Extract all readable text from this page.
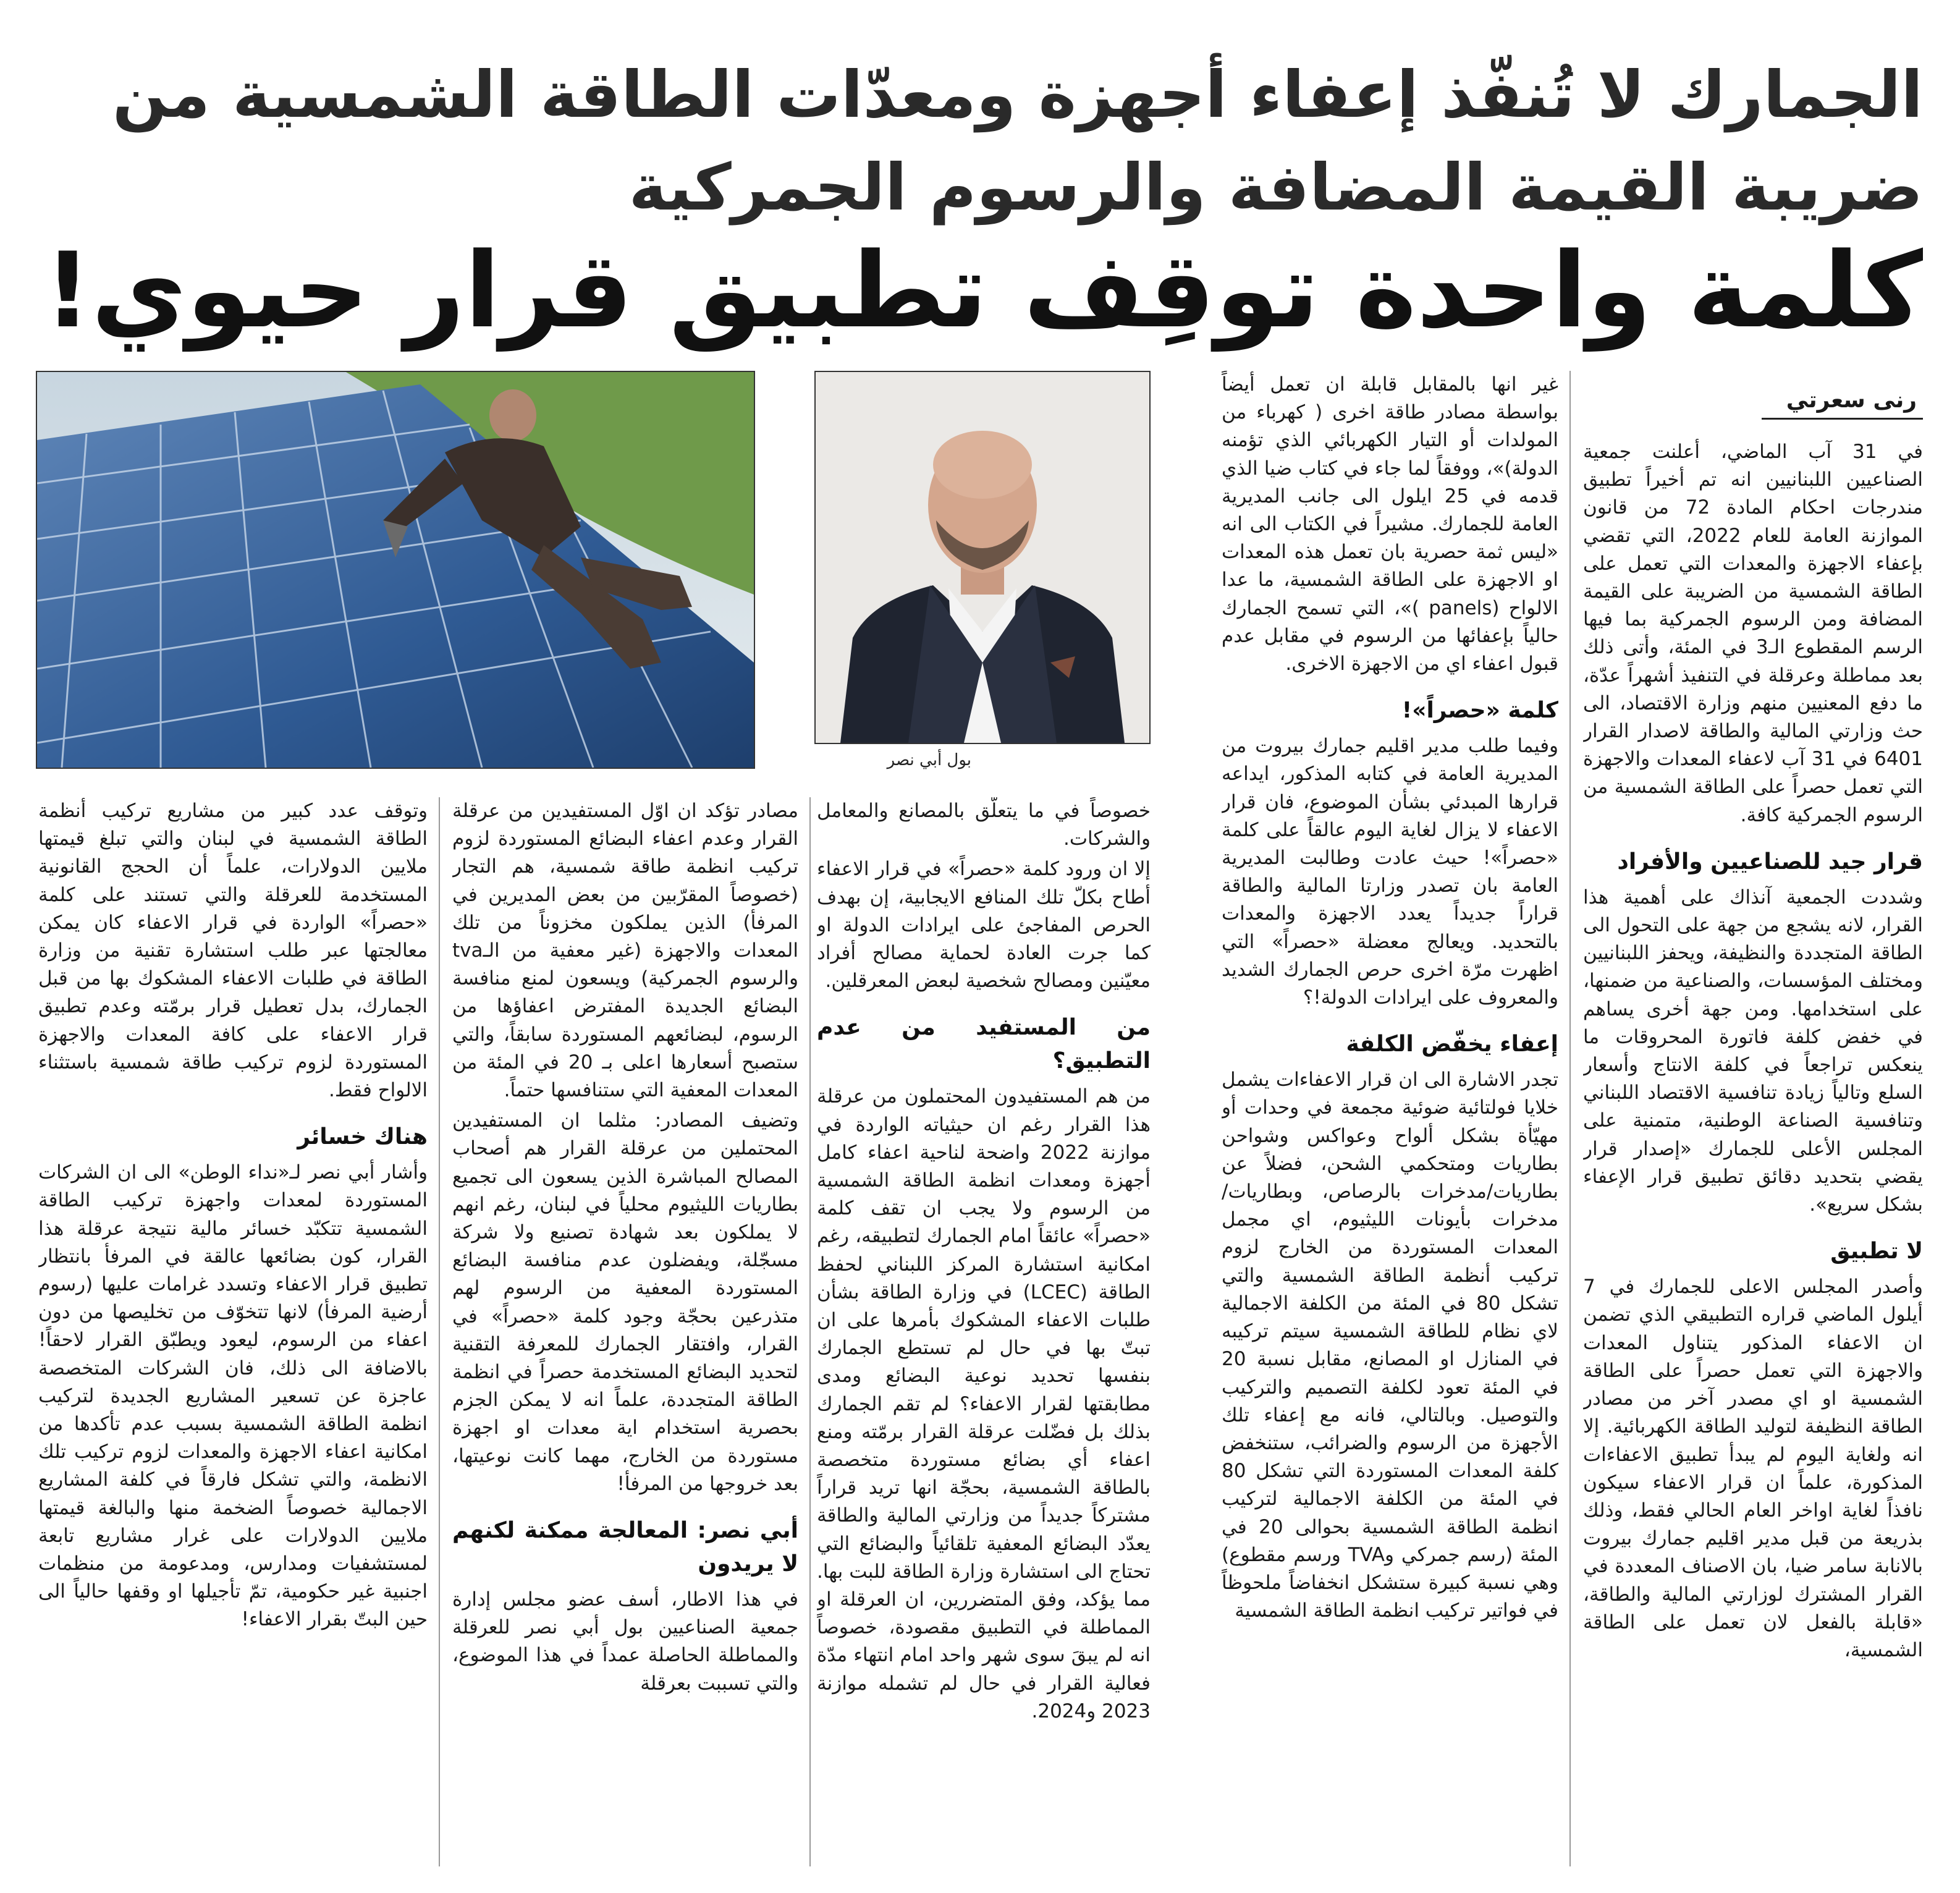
الجمارك لا تُنفّذ إعفاء أجهزة ومعدّات الطاقة الشمسية من ضريبة القيمة المضافة والرسوم الجمركية
كلمة واحدة توقِف تطبيق قرار حيوي!
رنى سعرتي

في 31 آب الماضي، أعلنت جمعية الصناعيين اللبنانيين انه تم أخيراً تطبيق مندرجات احكام المادة 72 من قانون الموازنة العامة للعام 2022، التي تقضي بإعفاء الاجهزة والمعدات التي تعمل على الطاقة الشمسية من الضريبة على القيمة المضافة ومن الرسوم الجمركية بما فيها الرسم المقطوع الـ3 في المئة، وأتى ذلك بعد مماطلة وعرقلة في التنفيذ أشهراً عدّة، ما دفع المعنيين منهم وزارة الاقتصاد، الى حث وزارتي المالية والطاقة لاصدار القرار 6401 في 31 آب لاعفاء المعدات والاجهزة التي تعمل حصراً على الطاقة الشمسية من الرسوم الجمركية كافة.

قرار جيد للصناعيين والأفراد

وشددت الجمعية آنذاك على أهمية هذا القرار، لانه يشجع من جهة على التحول الى الطاقة المتجددة والنظيفة، ويحفز اللبنانيين ومختلف المؤسسات، والصناعية من ضمنها، على استخدامها. ومن جهة أخرى يساهم في خفض كلفة فاتورة المحروقات ما ينعكس تراجعاً في كلفة الانتاج وأسعار السلع وتالياً زيادة تنافسية الاقتصاد اللبناني وتنافسية الصناعة الوطنية، متمنية على المجلس الأعلى للجمارك «إصدار قرار يقضي بتحديد دقائق تطبيق قرار الإعفاء بشكل سريع».

لا تطبيق

وأصدر المجلس الاعلى للجمارك في 7 أيلول الماضي قراره التطبيقي الذي تضمن ان الاعفاء المذكور يتناول المعدات والاجهزة التي تعمل حصراً على الطاقة الشمسية او اي مصدر آخر من مصادر الطاقة النظيفة لتوليد الطاقة الكهربائية. إلا انه ولغاية اليوم لم يبدأ تطبيق الاعفاءات المذكورة، علماً ان قرار الاعفاء سيكون نافذاً لغاية اواخر العام الحالي فقط، وذلك بذريعة من قبل مدير اقليم جمارك بيروت بالانابة سامر ضيا، بان الاصناف المعددة في القرار المشترك لوزارتي المالية والطاقة، «قابلة بالفعل لان تعمل على الطاقة الشمسية،

غير انها بالمقابل قابلة ان تعمل أيضاً بواسطة مصادر طاقة اخرى ( كهرباء من المولدات أو التيار الكهربائي الذي تؤمنه الدولة)»، ووفقاً لما جاء في كتاب ضيا الذي قدمه في 25 ايلول الى جانب المديرية العامة للجمارك. مشيراً في الكتاب الى انه «ليس ثمة حصرية بان تعمل هذه المعدات او الاجهزة على الطاقة الشمسية، ما عدا الالواح (panels )»، التي تسمح الجمارك حالياً بإعفائها من الرسوم في مقابل عدم قبول اعفاء اي من الاجهزة الاخرى.

كلمة «حصراً»!

وفيما طلب مدير اقليم جمارك بيروت من المديرية العامة في كتابه المذكور، ايداعه قرارها المبدئي بشأن الموضوع، فان قرار الاعفاء لا يزال لغاية اليوم عالقاً على كلمة «حصراً»! حيث عادت وطالبت المديرية العامة بان تصدر وزارتا المالية والطاقة قراراً جديداً يعدد الاجهزة والمعدات بالتحديد. ويعالج معضلة «حصراً» التي اظهرت مرّة اخرى حرص الجمارك الشديد والمعروف على ايرادات الدولة!؟

إعفاء يخفّض الكلفة

تجدر الاشارة الى ان قرار الاعفاءات يشمل خلايا فولتائية ضوئية مجمعة في وحدات أو مهيّأة بشكل ألواح وعواكس وشواحن بطاريات ومتحكمي الشحن، فضلاً عن بطاريات/مدخرات بالرصاص، وبطاريات/مدخرات بأيونات الليثيوم، اي مجمل المعدات المستوردة من الخارج لزوم تركيب أنظمة الطاقة الشمسية والتي تشكل 80 في المئة من الكلفة الاجمالية لاي نظام للطاقة الشمسية سيتم تركيبه في المنازل او المصانع، مقابل نسبة 20 في المئة تعود لكلفة التصميم والتركيب والتوصيل. وبالتالي، فانه مع إعفاء تلك الأجهزة من الرسوم والضرائب، ستنخفض كلفة المعدات المستوردة التي تشكل 80 في المئة من الكلفة الاجمالية لتركيب انظمة الطاقة الشمسية بحوالى 20 في المئة (رسم جمركي وTVA ورسم مقطوع) وهي نسبة كبيرة ستشكل انخفاضاً ملحوظاً في فواتير تركيب انظمة الطاقة الشمسية

بول أبي نصر

خصوصاً في ما يتعلّق بالمصانع والمعامل والشركات.

إلا ان ورود كلمة «حصراً» في قرار الاعفاء أطاح بكلّ تلك المنافع الايجابية، إن بهدف الحرص المفاجئ على ايرادات الدولة او كما جرت العادة لحماية مصالح أفراد معيّنين ومصالح شخصية لبعض المعرقلين.

من المستفيد من عدم التطبيق؟

من هم المستفيدون المحتملون من عرقلة هذا القرار رغم ان حيثياته الواردة في موازنة 2022 واضحة لناحية اعفاء كامل أجهزة ومعدات انظمة الطاقة الشمسية من الرسوم ولا يجب ان تقف كلمة «حصراً» عائقاً امام الجمارك لتطبيقه، رغم امكانية استشارة المركز اللبناني لحفظ الطاقة (LCEC) في وزارة الطاقة بشأن طلبات الاعفاء المشكوك بأمرها على ان تبتّ بها في حال لم تستطع الجمارك بنفسها تحديد نوعية البضائع ومدى مطابقتها لقرار الاعفاء؟ لم تقم الجمارك بذلك بل فضّلت عرقلة القرار برمّته ومنع اعفاء أي بضائع مستوردة متخصصة بالطاقة الشمسية، بحجّة انها تريد قراراً مشتركاً جديداً من وزارتي المالية والطاقة يعدّد البضائع المعفية تلقائياً والبضائع التي تحتاج الى استشارة وزارة الطاقة للبت بها. مما يؤكد، وفق المتضررين، ان العرقلة او المماطلة في التطبيق مقصودة، خصوصاً انه لم يبقَ سوى شهر واحد امام انتهاء مدّة فعالية القرار في حال لم تشمله موازنة 2023 و2024.

مصادر تؤكد ان اوّل المستفيدين من عرقلة القرار وعدم اعفاء البضائع المستوردة لزوم تركيب انظمة طاقة شمسية، هم التجار (خصوصاً المقرّبين من بعض المديرين في المرفأ) الذين يملكون مخزوناً من تلك المعدات والاجهزة (غير معفية من الـtva والرسوم الجمركية) ويسعون لمنع منافسة البضائع الجديدة المفترض اعفاؤها من الرسوم، لبضائعهم المستوردة سابقاً، والتي ستصبح أسعارها اعلى بـ 20 في المئة من المعدات المعفية التي ستنافسها حتماً.

وتضيف المصادر: مثلما ان المستفيدين المحتملين من عرقلة القرار هم أصحاب المصالح المباشرة الذين يسعون الى تجميع بطاريات الليثيوم محلياً في لبنان، رغم انهم لا يملكون بعد شهادة تصنيع ولا شركة مسجّلة، ويفضلون عدم منافسة البضائع المستوردة المعفية من الرسوم لهم متذرعين بحجّة وجود كلمة «حصراً» في القرار، وافتقار الجمارك للمعرفة التقنية لتحديد البضائع المستخدمة حصراً في انظمة الطاقة المتجددة، علماً انه لا يمكن الجزم بحصرية استخدام اية معدات او اجهزة مستوردة من الخارج، مهما كانت نوعيتها، بعد خروجها من المرفأ!

أبي نصر: المعالجة ممكنة لكنهم لا يريدون

في هذا الاطار، أسف عضو مجلس إدارة جمعية الصناعيين بول أبي نصر للعرقلة والمماطلة الحاصلة عمداً في هذا الموضوع، والتي تسببت بعرقلة

وتوقف عدد كبير من مشاريع تركيب أنظمة الطاقة الشمسية في لبنان والتي تبلغ قيمتها ملايين الدولارات، علماً أن الحجج القانونية المستخدمة للعرقلة والتي تستند على كلمة «حصراً» الواردة في قرار الاعفاء كان يمكن معالجتها عبر طلب استشارة تقنية من وزارة الطاقة في طلبات الاعفاء المشكوك بها من قبل الجمارك، بدل تعطيل قرار برمّته وعدم تطبيق قرار الاعفاء على كافة المعدات والاجهزة المستوردة لزوم تركيب طاقة شمسية باستثناء الالواح فقط.

هناك خسائر

وأشار أبي نصر لـ«نداء الوطن» الى ان الشركات المستوردة لمعدات واجهزة تركيب الطاقة الشمسية تتكبّد خسائر مالية نتيجة عرقلة هذا القرار، كون بضائعها عالقة في المرفأ بانتظار تطبيق قرار الاعفاء وتسدد غرامات عليها (رسوم أرضية المرفأ) لانها تتخوّف من تخليصها من دون اعفاء من الرسوم، ليعود ويطبّق القرار لاحقاً! بالاضافة الى ذلك، فان الشركات المتخصصة عاجزة عن تسعير المشاريع الجديدة لتركيب انظمة الطاقة الشمسية بسبب عدم تأكدها من امكانية اعفاء الاجهزة والمعدات لزوم تركيب تلك الانظمة، والتي تشكل فارقاً في كلفة المشاريع الاجمالية خصوصاً الضخمة منها والبالغة قيمتها ملايين الدولارات على غرار مشاريع تابعة لمستشفيات ومدارس، ومدعومة من منظمات اجنبية غير حكومية، تمّ تأجيلها او وقفها حالياً الى حين البتّ بقرار الاعفاء!
